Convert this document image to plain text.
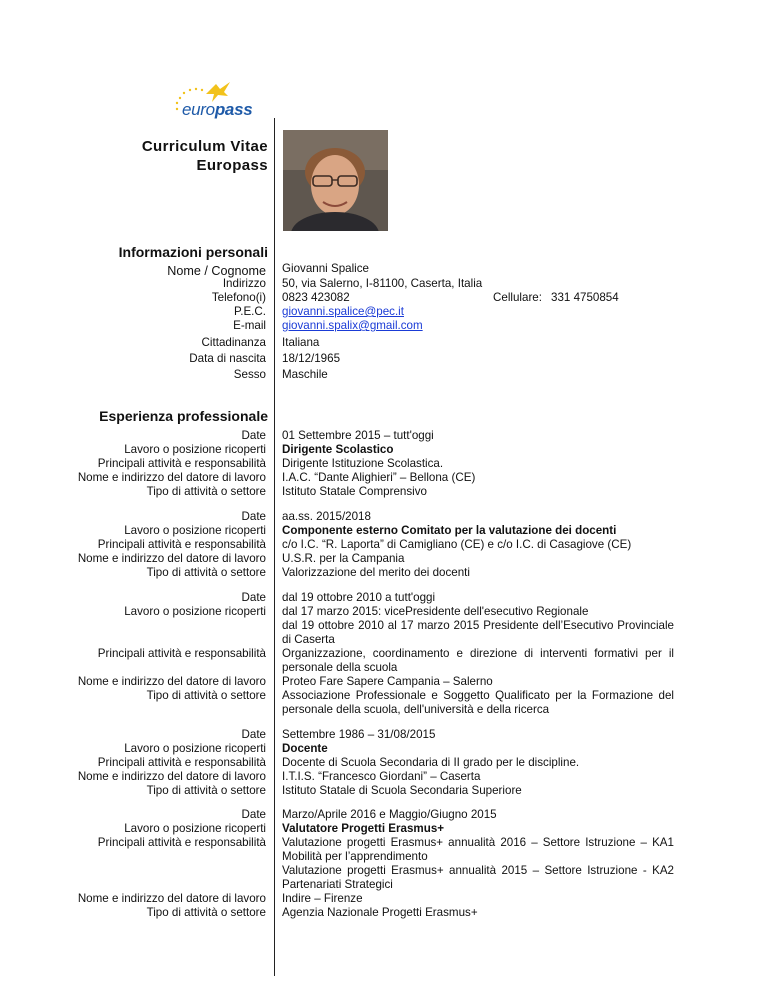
europass
Curriculum Vitae
Europass
Informazioni personali
Nome / Cognome Giovanni Spalice
Indirizzo 50, via Salerno, I-81100, Caserta, Italia
Telefono(i) 0823 423082	Cellulare: 331 4750854
P.E.C. giovanni.spalice@pec.it
E-mail giovanni.spalix@gmail.com
Cittadinanza Italiana
Data di nascita 18/12/1965
Sesso Maschile
Esperienza professionale
Date
Lavoro o posizione ricoperti
Principali attività e responsabilità
Nome e indirizzo del datore di lavoro
Tipo di attività o settore
01 Settembre 2015 – tutt'oggi
Dirigente Scolastico
Dirigente Istituzione Scolastica.
I.A.C. “Dante Alighieri” – Bellona (CE)
Istituto Statale Comprensivo
Date
Lavoro o posizione ricoperti
Principali attività e responsabilità
Nome e indirizzo del datore di lavoro
Tipo di attività o settore
aa.ss. 2015/2018
Componente esterno Comitato per la valutazione dei docenti
c/o I.C. “R. Laporta” di Camigliano (CE) e c/o I.C. di Casagiove (CE)
U.S.R. per la Campania
Valorizzazione del merito dei docenti
Date
Lavoro o posizione ricoperti
Principali attività e responsabilità
Nome e indirizzo del datore di lavoro
Tipo di attività o settore
dal 19 ottobre 2010 a tutt'oggi
dal 17 marzo 2015: vicePresidente dell'esecutivo Regionale
dal 19 ottobre 2010 al 17 marzo 2015 Presidente dell’Esecutivo Provinciale di Caserta
Organizzazione, coordinamento e direzione di interventi formativi per il personale della scuola
Proteo Fare Sapere Campania – Salerno
Associazione Professionale e Soggetto Qualificato per la Formazione del personale della scuola, dell'università e della ricerca
Date
Lavoro o posizione ricoperti
Principali attività e responsabilità
Nome e indirizzo del datore di lavoro
Tipo di attività o settore
Settembre 1986 – 31/08/2015
Docente
Docente di Scuola Secondaria di II grado per le discipline.
I.T.I.S. “Francesco Giordani” – Caserta
Istituto Statale di Scuola Secondaria Superiore
Date
Lavoro o posizione ricoperti
Principali attività e responsabilità
Nome e indirizzo del datore di lavoro
Tipo di attività o settore
Marzo/Aprile 2016 e Maggio/Giugno 2015
Valutatore Progetti Erasmus+
Valutazione progetti Erasmus+ annualità 2016 – Settore Istruzione – KA1 Mobilità per l’apprendimento
Valutazione progetti Erasmus+ annualità 2015 – Settore Istruzione - KA2 Partenariati Strategici
Indire – Firenze
Agenzia Nazionale Progetti Erasmus+
